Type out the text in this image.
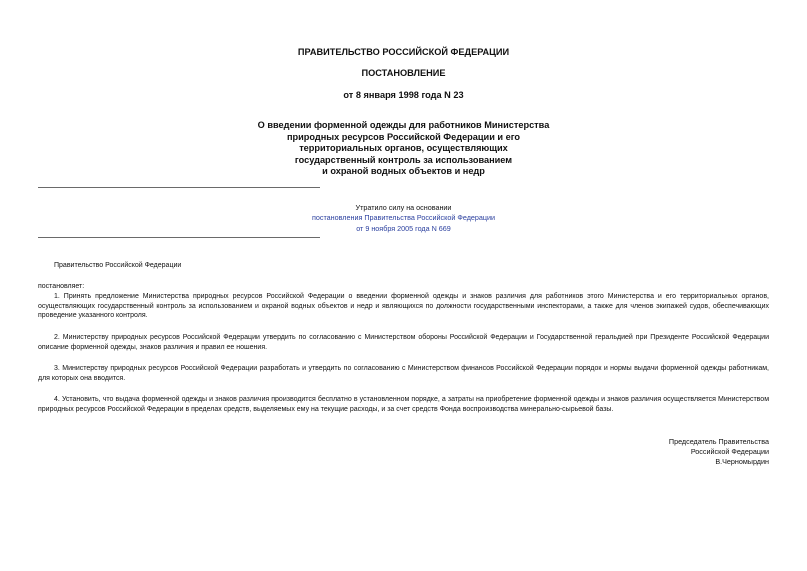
ПРАВИТЕЛЬСТВО РОССИЙСКОЙ ФЕДЕРАЦИИ
ПОСТАНОВЛЕНИЕ
от 8 января 1998 года N 23
О введении форменной одежды для работников Министерства
природных ресурсов Российской Федерации и его
территориальных органов, осуществляющих
государственный контроль за использованием
и охраной водных объектов и недр
Утратило силу на основании
постановления Правительства Российской Федерации
от 9 ноября 2005 года N 669
Правительство Российской Федерации
постановляет:
1. Принять предложение Министерства природных ресурсов Российской Федерации о введении форменной одежды и знаков различия для работников этого Министерства и его территориальных органов, осуществляющих государственный контроль за использованием и охраной водных объектов и недр и являющихся по должности государственными инспекторами, а также для членов экипажей судов, обеспечивающих проведение указанного контроля.
2. Министерству природных ресурсов Российской Федерации утвердить по согласованию с Министерством обороны Российской Федерации и Государственной геральдией при Президенте Российской Федерации описание форменной одежды, знаков различия и правил ее ношения.
3. Министерству природных ресурсов Российской Федерации разработать и утвердить по согласованию с Министерством финансов Российской Федерации порядок и нормы выдачи форменной одежды работникам, для которых она вводится.
4. Установить, что выдача форменной одежды и знаков различия производится бесплатно в установленном порядке, а затраты на приобретение форменной одежды и знаков различия осуществляется Министерством природных ресурсов Российской Федерации в пределах средств, выделяемых ему на текущие расходы, и за счет средств Фонда воспроизводства минерально-сырьевой базы.
Председатель Правительства
Российской Федерации
В.Черномырдин
